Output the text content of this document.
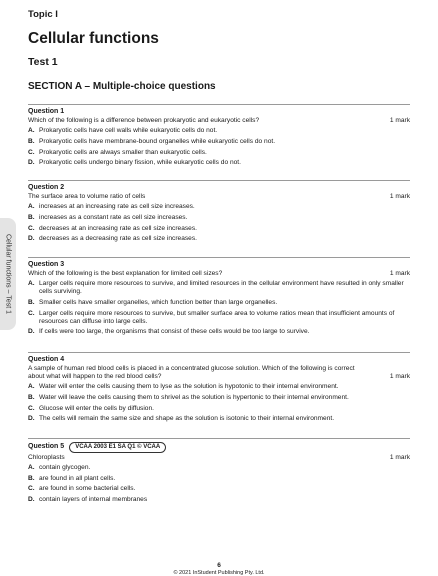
Topic I
Cellular functions
Test 1
SECTION A – Multiple-choice questions
Cellular functions – Test 1
Question 1
Which of the following is a difference between prokaryotic and eukaryotic cells?	1 mark
A. Prokaryotic cells have cell walls while eukaryotic cells do not.
B. Prokaryotic cells have membrane-bound organelles while eukaryotic cells do not.
C. Prokaryotic cells are always smaller than eukaryotic cells.
D. Prokaryotic cells undergo binary fission, while eukaryotic cells do not.
Question 2
The surface area to volume ratio of cells	1 mark
A. increases at an increasing rate as cell size increases.
B. increases as a constant rate as cell size increases.
C. decreases at an increasing rate as cell size increases.
D. decreases as a decreasing rate as cell size increases.
Question 3
Which of the following is the best explanation for limited cell sizes?	1 mark
A. Larger cells require more resources to survive, and limited resources in the cellular environment have resulted in only smaller cells surviving.
B. Smaller cells have smaller organelles, which function better than large organelles.
C. Larger cells require more resources to survive, but smaller surface area to volume ratios mean that insufficient amounts of resources can diffuse into large cells.
D. If cells were too large, the organisms that consist of these cells would be too large to survive.
Question 4
A sample of human red blood cells is placed in a concentrated glucose solution. Which of the following is correct about what will happen to the red blood cells?	1 mark
A. Water will enter the cells causing them to lyse as the solution is hypotonic to their internal environment.
B. Water will leave the cells causing them to shrivel as the solution is hypertonic to their internal environment.
C. Glucose will enter the cells by diffusion.
D. The cells will remain the same size and shape as the solution is isotonic to their internal environment.
Question 5	VCAA 2003 E1 SA Q1 © VCAA
Chloroplasts	1 mark
A. contain glycogen.
B. are found in all plant cells.
C. are found in some bacterial cells.
D. contain layers of internal membranes
6
© 2021 InStudent Publishing Pty. Ltd.
